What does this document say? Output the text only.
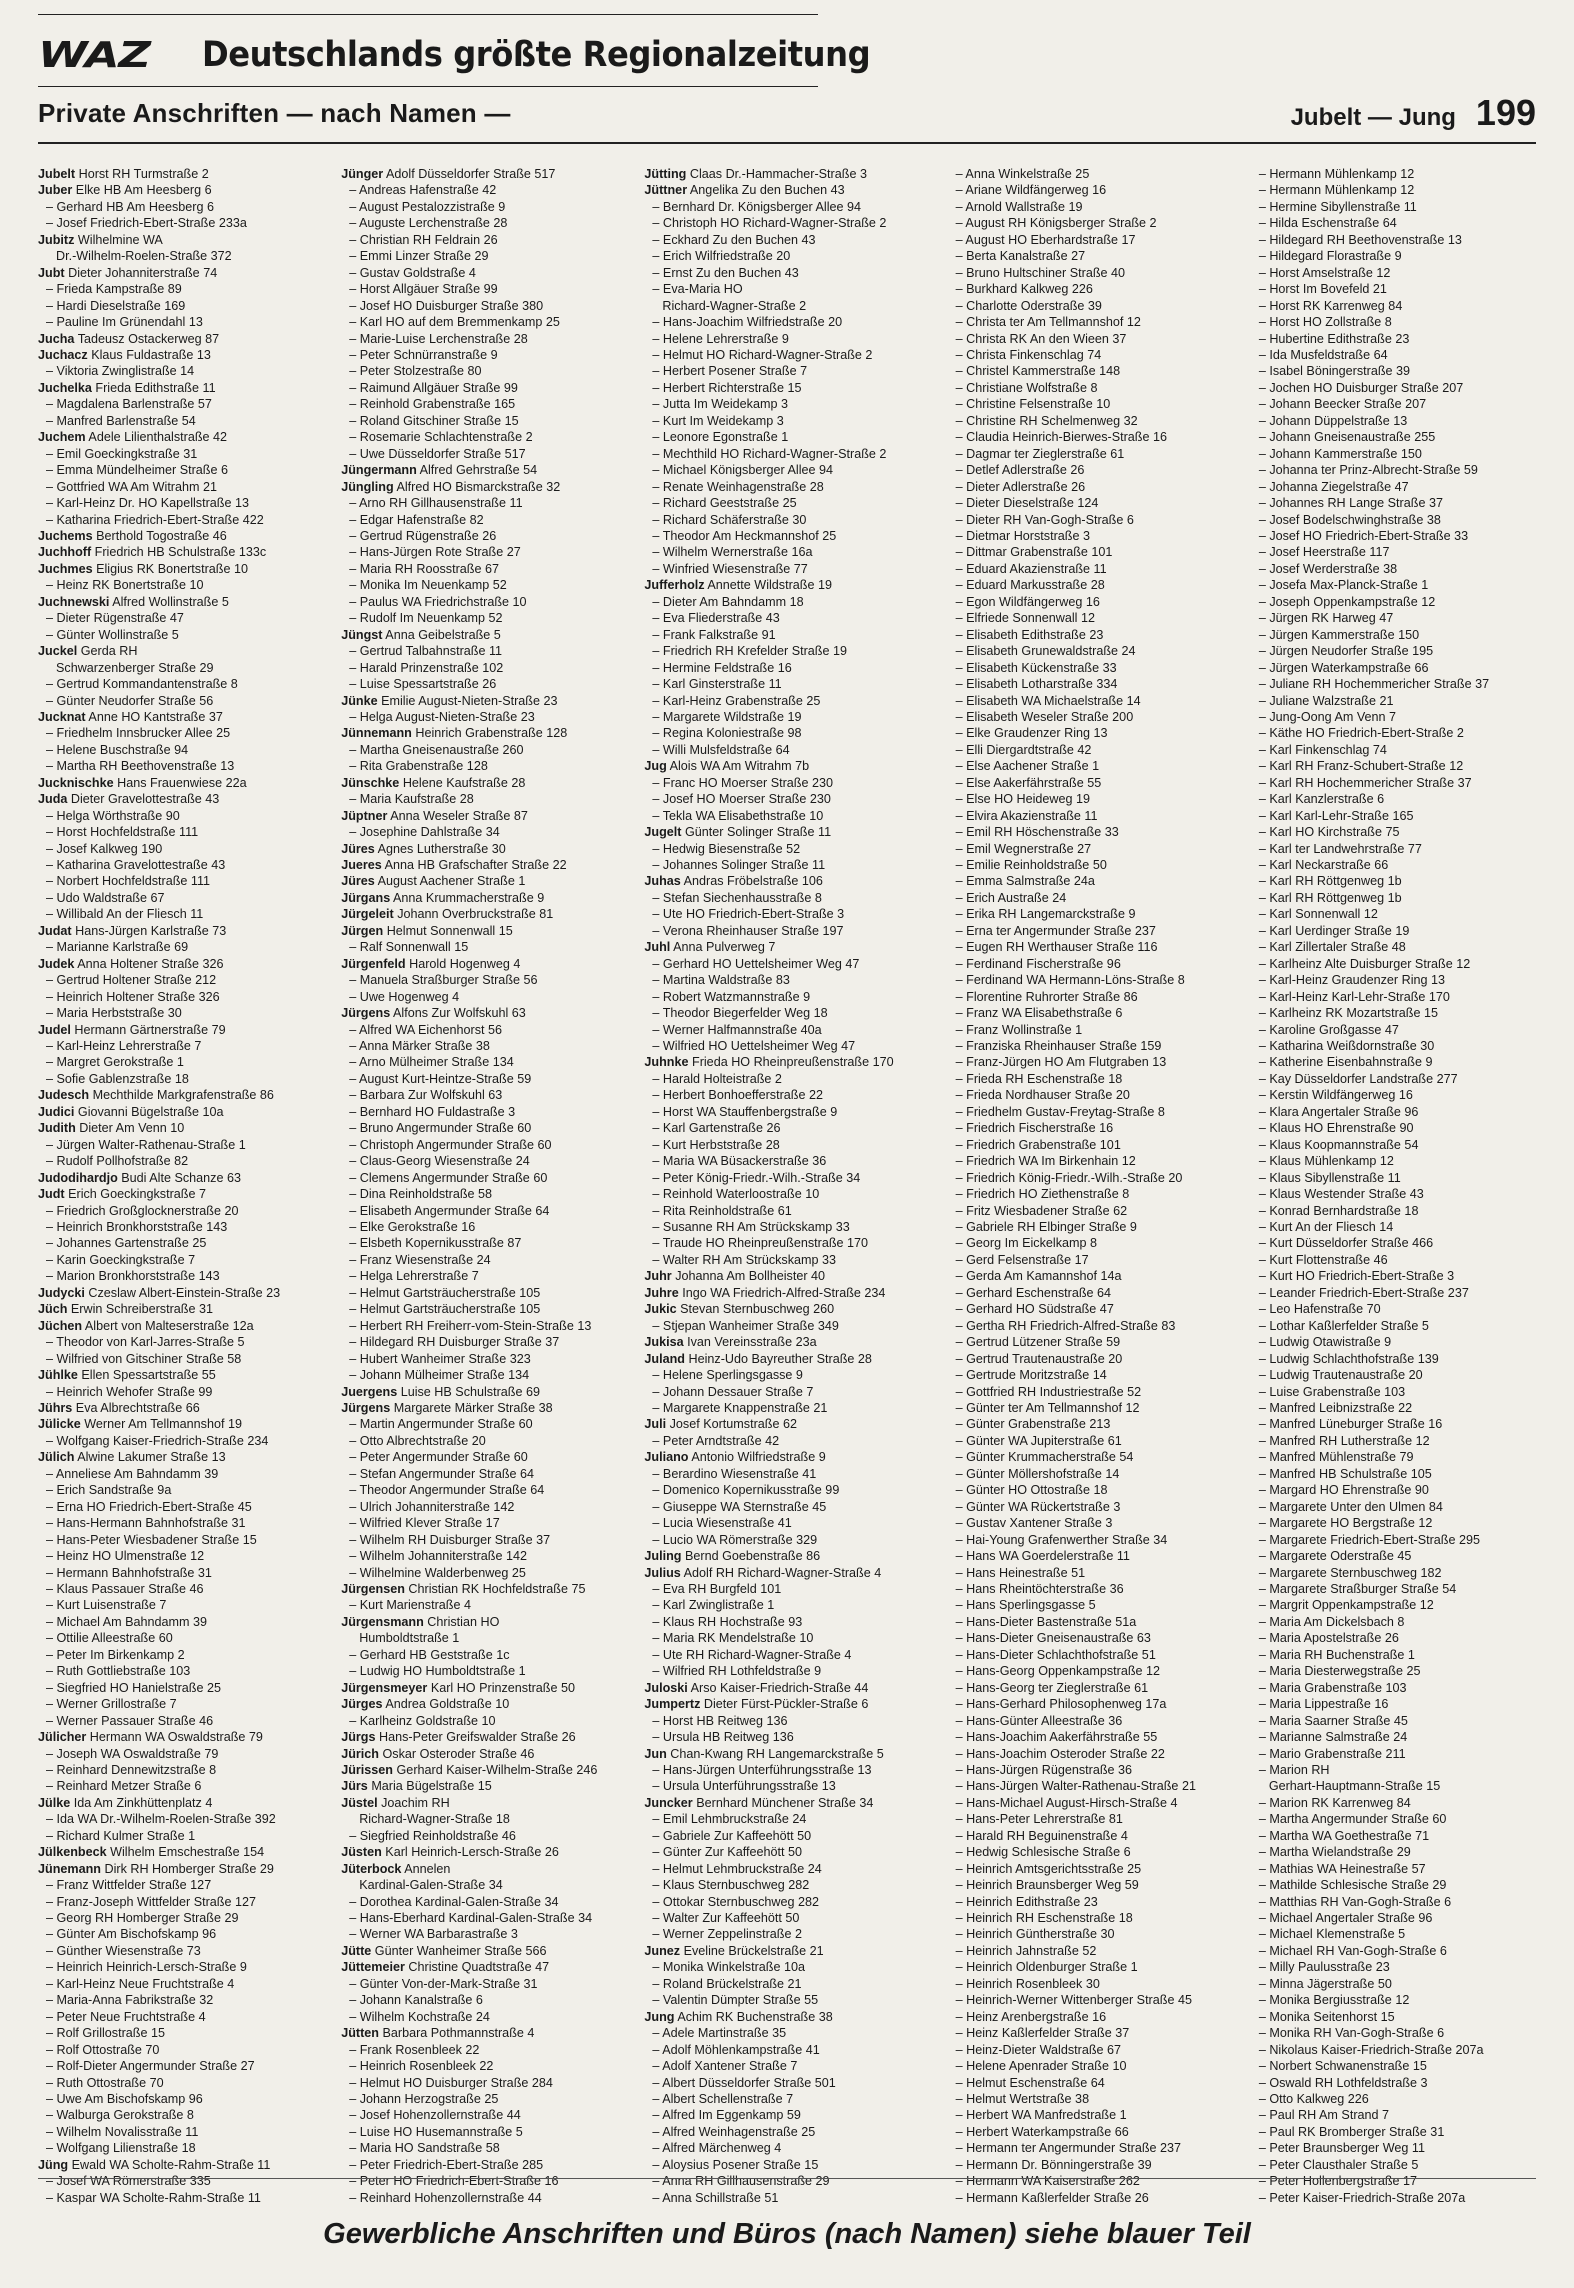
WAZ	Deutschlands größte Regionalzeitung
Private Anschriften — nach Namen —	Jubelt — Jung 199
Jubelt Horst RH Turmstraße 2
Juber Elke HB Am Heesberg 6
– Gerhard HB Am Heesberg 6
– Josef Friedrich-Ebert-Straße 233a
Jubitz Wilhelmine WA
Dr.-Wilhelm-Roelen-Straße 372
Jubt Dieter Johanniterstraße 74
– Frieda Kampstraße 89
– Hardi Dieselstraße 169
– Pauline Im Grünendahl 13
Jucha Tadeusz Ostackerweg 87
Juchacz Klaus Fuldastraße 13
– Viktoria Zwinglistraße 14
Juchelka Frieda Edithstraße 11
– Magdalena Barlenstraße 57
– Manfred Barlenstraße 54
Juchem Adele Lilienthalstraße 42
– Emil Goeckingkstraße 31
– Emma Mündelheimer Straße 6
– Gottfried WA Am Witrahm 21
– Karl-Heinz Dr. HO Kapellstraße 13
– Katharina Friedrich-Ebert-Straße 422
Juchems Berthold Togostraße 46
Juchhoff Friedrich HB Schulstraße 133c
Juchmes Eligius RK Bonertstraße 10
– Heinz RK Bonertstraße 10
Juchnewski Alfred Wollinstraße 5
– Dieter Rügenstraße 47
– Günter Wollinstraße 5
Juckel Gerda RH
Schwarzenberger Straße 29
– Gertrud Kommandantenstraße 8
– Günter Neudorfer Straße 56
Jucknat Anne HO Kantstraße 37
– Friedhelm Innsbrucker Allee 25
– Helene Buschstraße 94
– Martha RH Beethovenstraße 13
Jucknischke Hans Frauenwiese 22a
Juda Dieter Gravelottestraße 43
– Helga Wörthstraße 90
– Horst Hochfeldstraße 111
– Josef Kalkweg 190
– Katharina Gravelottestraße 43
– Norbert Hochfeldstraße 111
– Udo Waldstraße 67
– Willibald An der Fliesch 11
Judat Hans-Jürgen Karlstraße 73
– Marianne Karlstraße 69
Judek Anna Holtener Straße 326
– Gertrud Holtener Straße 212
– Heinrich Holtener Straße 326
– Maria Herbststraße 30
Judel Hermann Gärtnerstraße 79
– Karl-Heinz Lehrerstraße 7
– Margret Gerokstraße 1
– Sofie Gablenzstraße 18
Judesch Mechthilde Markgrafenstraße 86
Judici Giovanni Bügelstraße 10a
Judith Dieter Am Venn 10
– Jürgen Walter-Rathenau-Straße 1
– Rudolf Pollhofstraße 82
Judodihardjo Budi Alte Schanze 63
Judt Erich Goeckingkstraße 7
– Friedrich Großglocknerstraße 20
– Heinrich Bronkhorststraße 143
– Johannes Gartenstraße 25
– Karin Goeckingkstraße 7
– Marion Bronkhorststraße 143
Judycki Czeslaw Albert-Einstein-Straße 23
Jüch Erwin Schreiberstraße 31
Jüchen Albert von Malteserstraße 12a
– Theodor von Karl-Jarres-Straße 5
– Wilfried von Gitschiner Straße 58
Jühlke Ellen Spessartstraße 55
– Heinrich Wehofer Straße 99
Jührs Eva Albrechtstraße 66
Jülicke Werner Am Tellmannshof 19
– Wolfgang Kaiser-Friedrich-Straße 234
Jülich Alwine Lakumer Straße 13
– Anneliese Am Bahndamm 39
– Erich Sandstraße 9a
– Erna HO Friedrich-Ebert-Straße 45
– Hans-Hermann Bahnhofstraße 31
– Hans-Peter Wiesbadener Straße 15
– Heinz HO Ulmenstraße 12
– Hermann Bahnhofstraße 31
– Klaus Passauer Straße 46
– Kurt Luisenstraße 7
– Michael Am Bahndamm 39
– Ottilie Alleestraße 60
– Peter Im Birkenkamp 2
– Ruth Gottliebstraße 103
– Siegfried HO Hanielstraße 25
– Werner Grillostraße 7
– Werner Passauer Straße 46
Jülicher Hermann WA Oswaldstraße 79
– Joseph WA Oswaldstraße 79
– Reinhard Dennewitzstraße 8
– Reinhard Metzer Straße 6
Jülke Ida Am Zinkhüttenplatz 4
– Ida WA Dr.-Wilhelm-Roelen-Straße 392
– Richard Kulmer Straße 1
Jülkenbeck Wilhelm Emschestraße 154
Jünemann Dirk RH Homberger Straße 29
– Franz Wittfelder Straße 127
– Franz-Joseph Wittfelder Straße 127
– Georg RH Homberger Straße 29
– Günter Am Bischofskamp 96
– Günther Wiesenstraße 73
– Heinrich Heinrich-Lersch-Straße 9
– Karl-Heinz Neue Fruchtstraße 4
– Maria-Anna Fabrikstraße 32
– Peter Neue Fruchtstraße 4
– Rolf Grillostraße 15
– Rolf Ottostraße 70
– Rolf-Dieter Angermunder Straße 27
– Ruth Ottostraße 70
– Uwe Am Bischofskamp 96
– Walburga Gerokstraße 8
– Wilhelm Novalisstraße 11
– Wolfgang Lilienstraße 18
Jüng Ewald WA Scholte-Rahm-Straße 11
– Josef WA Römerstraße 335
– Kaspar WA Scholte-Rahm-Straße 11
Jünger Adolf Düsseldorfer Straße 517
– Andreas Hafenstraße 42
– August Pestalozzistraße 9
– Auguste Lerchenstraße 28
– Christian RH Feldrain 26
– Emmi Linzer Straße 29
– Gustav Goldstraße 4
– Horst Allgäuer Straße 99
– Josef HO Duisburger Straße 380
– Karl HO auf dem Bremmenkamp 25
– Marie-Luise Lerchenstraße 28
– Peter Schnürranstraße 9
– Peter Stolzestraße 80
– Raimund Allgäuer Straße 99
– Reinhold Grabenstraße 165
– Roland Gitschiner Straße 15
– Rosemarie Schlachtenstraße 2
– Uwe Düsseldorfer Straße 517
Jüngermann Alfred Gehrstraße 54
Jüngling Alfred HO Bismarckstraße 32
– Arno RH Gillhausenstraße 11
– Edgar Hafenstraße 82
– Gertrud Rügenstraße 26
– Hans-Jürgen Rote Straße 27
– Maria RH Roosstraße 67
– Monika Im Neuenkamp 52
– Paulus WA Friedrichstraße 10
– Rudolf Im Neuenkamp 52
Jüngst Anna Geibelstraße 5
– Gertrud Talbahnstraße 11
– Harald Prinzenstraße 102
– Luise Spessartstraße 26
Jünke Emilie August-Nieten-Straße 23
– Helga August-Nieten-Straße 23
Jünnemann Heinrich Grabenstraße 128
– Martha Gneisenaustraße 260
– Rita Grabenstraße 128
Jünschke Helene Kaufstraße 28
– Maria Kaufstraße 28
Jüptner Anna Weseler Straße 87
– Josephine Dahlstraße 34
Jüres Agnes Lutherstraße 30
Jueres Anna HB Grafschafter Straße 22
Jüres August Aachener Straße 1
Jürgans Anna Krummacherstraße 9
Jürgeleit Johann Overbruckstraße 81
Jürgen Helmut Sonnenwall 15
– Ralf Sonnenwall 15
Jürgenfeld Harold Hogenweg 4
– Manuela Straßburger Straße 56
– Uwe Hogenweg 4
Jürgens Alfons Zur Wolfskuhl 63
– Alfred WA Eichenhorst 56
– Anna Märker Straße 38
– Arno Mülheimer Straße 134
– August Kurt-Heintze-Straße 59
– Barbara Zur Wolfskuhl 63
– Bernhard HO Fuldastraße 3
– Bruno Angermunder Straße 60
– Christoph Angermunder Straße 60
– Claus-Georg Wiesenstraße 24
– Clemens Angermunder Straße 60
– Dina Reinholdstraße 58
– Elisabeth Angermunder Straße 64
– Elke Gerokstraße 16
– Elsbeth Kopernikusstraße 87
– Franz Wiesenstraße 24
– Helga Lehrerstraße 7
– Helmut Gartsträucherstraße 105
– Helmut Gartsträucherstraße 105
– Herbert RH Freiherr-vom-Stein-Straße 13
– Hildegard RH Duisburger Straße 37
– Hubert Wanheimer Straße 323
– Johann Mülheimer Straße 134
Juergens Luise HB Schulstraße 69
Jürgens Margarete Märker Straße 38
– Martin Angermunder Straße 60
– Otto Albrechtstraße 20
– Peter Angermunder Straße 60
– Stefan Angermunder Straße 64
– Theodor Angermunder Straße 64
– Ulrich Johanniterstraße 142
– Wilfried Klever Straße 17
– Wilhelm RH Duisburger Straße 37
– Wilhelm Johanniterstraße 142
– Wilhelmine Walderbenweg 25
Jürgensen Christian RK Hochfeldstraße 75
– Kurt Marienstraße 4
Jürgensmann Christian HO
Humboldtstraße 1
– Gerhard HB Geststraße 1c
– Ludwig HO Humboldtstraße 1
Jürgensmeyer Karl HO Prinzenstraße 50
Jürges Andrea Goldstraße 10
– Karlheinz Goldstraße 10
Jürgs Hans-Peter Greifswalder Straße 26
Jürich Oskar Osteroder Straße 46
Jürissen Gerhard Kaiser-Wilhelm-Straße 246
Jürs Maria Bügelstraße 15
Jüstel Joachim RH
Richard-Wagner-Straße 18
– Siegfried Reinholdstraße 46
Jüsten Karl Heinrich-Lersch-Straße 26
Jüterbock Annelen
Kardinal-Galen-Straße 34
– Dorothea Kardinal-Galen-Straße 34
– Hans-Eberhard Kardinal-Galen-Straße 34
– Werner WA Barbarastraße 3
Jütte Günter Wanheimer Straße 566
Jüttemeier Christine Quadtstraße 47
– Günter Von-der-Mark-Straße 31
– Johann Kanalstraße 6
– Wilhelm Kochstraße 24
Jütten Barbara Pothmannstraße 4
– Frank Rosenbleek 22
– Heinrich Rosenbleek 22
– Helmut HO Duisburger Straße 284
– Johann Herzogstraße 25
– Josef Hohenzollernstraße 44
– Luise HO Husemannstraße 5
– Maria HO Sandstraße 58
– Peter Friedrich-Ebert-Straße 285
– Peter HO Friedrich-Ebert-Straße 16
– Reinhard Hohenzollernstraße 44
Jütting Claas Dr.-Hammacher-Straße 3
Jüttner Angelika Zu den Buchen 43
– Bernhard Dr. Königsberger Allee 94
– Christoph HO Richard-Wagner-Straße 2
– Eckhard Zu den Buchen 43
– Erich Wilfriedstraße 20
– Ernst Zu den Buchen 43
– Eva-Maria HO
Richard-Wagner-Straße 2
– Hans-Joachim Wilfriedstraße 20
– Helene Lehrerstraße 9
– Helmut HO Richard-Wagner-Straße 2
– Herbert Posener Straße 7
– Herbert Richterstraße 15
– Jutta Im Weidekamp 3
– Kurt Im Weidekamp 3
– Leonore Egonstraße 1
– Mechthild HO Richard-Wagner-Straße 2
– Michael Königsberger Allee 94
– Renate Weinhagenstraße 28
– Richard Geeststraße 25
– Richard Schäferstraße 30
– Theodor Am Heckmannshof 25
– Wilhelm Wernerstraße 16a
– Winfried Wiesenstraße 77
Jufferholz Annette Wildstraße 19
– Dieter Am Bahndamm 18
– Eva Fliederstraße 43
– Frank Falkstraße 91
– Friedrich RH Krefelder Straße 19
– Hermine Feldstraße 16
– Karl Ginsterstraße 11
– Karl-Heinz Grabenstraße 25
– Margarete Wildstraße 19
– Regina Koloniestraße 98
– Willi Mulsfeldstraße 64
Jug Alois WA Am Witrahm 7b
– Franc HO Moerser Straße 230
– Josef HO Moerser Straße 230
– Tekla WA Elisabethstraße 10
Jugelt Günter Solinger Straße 11
– Hedwig Biesenstraße 52
– Johannes Solinger Straße 11
Juhas Andras Fröbelstraße 106
– Stefan Siechenhausstraße 8
– Ute HO Friedrich-Ebert-Straße 3
– Verona Rheinhauser Straße 197
Juhl Anna Pulverweg 7
– Gerhard HO Uettelsheimer Weg 47
– Martina Waldstraße 83
– Robert Watzmannstraße 9
– Theodor Biegerfelder Weg 18
– Werner Halfmannstraße 40a
– Wilfried HO Uettelsheimer Weg 47
Juhnke Frieda HO Rheinpreußenstraße 170
– Harald Holteistraße 2
– Herbert Bonhoefferstraße 22
– Horst WA Stauffenbergstraße 9
– Karl Gartenstraße 26
– Kurt Herbststraße 28
– Maria WA Büsackerstraße 36
– Peter König-Friedr.-Wilh.-Straße 34
– Reinhold Waterloostraße 10
– Rita Reinholdstraße 61
– Susanne RH Am Strückskamp 33
– Traude HO Rheinpreußenstraße 170
– Walter RH Am Strückskamp 33
Juhr Johanna Am Bollheister 40
Juhre Ingo WA Friedrich-Alfred-Straße 234
Jukic Stevan Sternbuschweg 260
– Stjepan Wanheimer Straße 349
Jukisa Ivan Vereinsstraße 23a
Juland Heinz-Udo Bayreuther Straße 28
– Helene Sperlingsgasse 9
– Johann Dessauer Straße 7
– Margarete Knappenstraße 21
Juli Josef Kortumstraße 62
– Peter Arndtstraße 42
Juliano Antonio Wilfriedstraße 9
– Berardino Wiesenstraße 41
– Domenico Kopernikusstraße 99
– Giuseppe WA Sternstraße 45
– Lucia Wiesenstraße 41
– Lucio WA Römerstraße 329
Juling Bernd Goebenstraße 86
Julius Adolf RH Richard-Wagner-Straße 4
– Eva RH Burgfeld 101
– Karl Zwinglistraße 1
– Klaus RH Hochstraße 93
– Maria RK Mendelstraße 10
– Ute RH Richard-Wagner-Straße 4
– Wilfried RH Lothfeldstraße 9
Juloski Arso Kaiser-Friedrich-Straße 44
Jumpertz Dieter Fürst-Pückler-Straße 6
– Horst HB Reitweg 136
– Ursula HB Reitweg 136
Jun Chan-Kwang RH Langemarckstraße 5
– Hans-Jürgen Unterführungsstraße 13
– Ursula Unterführungsstraße 13
Juncker Bernhard Münchener Straße 34
– Emil Lehmbruckstraße 24
– Gabriele Zur Kaffeehött 50
– Günter Zur Kaffeehött 50
– Helmut Lehmbruckstraße 24
– Klaus Sternbuschweg 282
– Ottokar Sternbuschweg 282
– Walter Zur Kaffeehött 50
– Werner Zeppelinstraße 2
Junez Eveline Brückelstraße 21
– Monika Winkelstraße 10a
– Roland Brückelstraße 21
– Valentin Dümpter Straße 55
Jung Achim RK Buchenstraße 38
– Adele Martinstraße 35
– Adolf Möhlenkampstraße 41
– Adolf Xantener Straße 7
– Albert Düsseldorfer Straße 501
– Albert Schellenstraße 7
– Alfred Im Eggenkamp 59
– Alfred Weinhagenstraße 25
– Alfred Märchenweg 4
– Aloysius Posener Straße 15
– Anna RH Gillhausenstraße 29
– Anna Schillstraße 51
– Anna Winkelstraße 25
– Ariane Wildfängerweg 16
– Arnold Wallstraße 19
– August RH Königsberger Straße 2
– August HO Eberhardstraße 17
– Berta Kanalstraße 27
– Bruno Hultschiner Straße 40
– Burkhard Kalkweg 226
– Charlotte Oderstraße 39
– Christa ter Am Tellmannshof 12
– Christa RK An den Wieen 37
– Christa Finkenschlag 74
– Christel Kammerstraße 148
– Christiane Wolfstraße 8
– Christine Felsenstraße 10
– Christine RH Schelmenweg 32
– Claudia Heinrich-Bierwes-Straße 16
– Dagmar ter Zieglerstraße 61
– Detlef Adlerstraße 26
– Dieter Adlerstraße 26
– Dieter Dieselstraße 124
– Dieter RH Van-Gogh-Straße 6
– Dietmar Horststraße 3
– Dittmar Grabenstraße 101
– Eduard Akazienstraße 11
– Eduard Markusstraße 28
– Egon Wildfängerweg 16
– Elfriede Sonnenwall 12
– Elisabeth Edithstraße 23
– Elisabeth Grunewaldstraße 24
– Elisabeth Kückenstraße 33
– Elisabeth Lotharstraße 334
– Elisabeth WA Michaelstraße 14
– Elisabeth Weseler Straße 200
– Elke Graudenzer Ring 13
– Elli Diergardtstraße 42
– Else Aachener Straße 1
– Else Aakerfährstraße 55
– Else HO Heideweg 19
– Elvira Akazienstraße 11
– Emil RH Höschenstraße 33
– Emil Wegnerstraße 27
– Emilie Reinholdstraße 50
– Emma Salmstraße 24a
– Erich Austraße 24
– Erika RH Langemarckstraße 9
– Erna ter Angermunder Straße 237
– Eugen RH Werthauser Straße 116
– Ferdinand Fischerstraße 96
– Ferdinand WA Hermann-Löns-Straße 8
– Florentine Ruhrorter Straße 86
– Franz WA Elisabethstraße 6
– Franz Wollinstraße 1
– Franziska Rheinhauser Straße 159
– Franz-Jürgen HO Am Flutgraben 13
– Frieda RH Eschenstraße 18
– Frieda Nordhauser Straße 20
– Friedhelm Gustav-Freytag-Straße 8
– Friedrich Fischerstraße 16
– Friedrich Grabenstraße 101
– Friedrich WA Im Birkenhain 12
– Friedrich König-Friedr.-Wilh.-Straße 20
– Friedrich HO Ziethenstraße 8
– Fritz Wiesbadener Straße 62
– Gabriele RH Elbinger Straße 9
– Georg Im Eickelkamp 8
– Gerd Felsenstraße 17
– Gerda Am Kamannshof 14a
– Gerhard Eschenstraße 64
– Gerhard HO Südstraße 47
– Gertha RH Friedrich-Alfred-Straße 83
– Gertrud Lützener Straße 59
– Gertrud Trautenaustraße 20
– Gertrude Moritzstraße 14
– Gottfried RH Industriestraße 52
– Günter ter Am Tellmannshof 12
– Günter Grabenstraße 213
– Günter WA Jupiterstraße 61
– Günter Krummacherstraße 54
– Günter Möllershofstraße 14
– Günter HO Ottostraße 18
– Günter WA Rückertstraße 3
– Gustav Xantener Straße 3
– Hai-Young Grafenwerther Straße 34
– Hans WA Goerdelerstraße 11
– Hans Heinestraße 51
– Hans Rheintöchterstraße 36
– Hans Sperlingsgasse 5
– Hans-Dieter Bastenstraße 51a
– Hans-Dieter Gneisenaustraße 63
– Hans-Dieter Schlachthofstraße 51
– Hans-Georg Oppenkampstraße 12
– Hans-Georg ter Zieglerstraße 61
– Hans-Gerhard Philosophenweg 17a
– Hans-Günter Alleestraße 36
– Hans-Joachim Aakerfährstraße 55
– Hans-Joachim Osteroder Straße 22
– Hans-Jürgen Rügenstraße 36
– Hans-Jürgen Walter-Rathenau-Straße 21
– Hans-Michael August-Hirsch-Straße 4
– Hans-Peter Lehrerstraße 81
– Harald RH Beguinenstraße 4
– Hedwig Schlesische Straße 6
– Heinrich Amtsgerichtsstraße 25
– Heinrich Braunsberger Weg 59
– Heinrich Edithstraße 23
– Heinrich RH Eschenstraße 18
– Heinrich Güntherstraße 30
– Heinrich Jahnstraße 52
– Heinrich Oldenburger Straße 1
– Heinrich Rosenbleek 30
– Heinrich-Werner Wittenberger Straße 45
– Heinz Arenbergstraße 16
– Heinz Kaßlerfelder Straße 37
– Heinz-Dieter Waldstraße 67
– Helene Apenrader Straße 10
– Helmut Eschenstraße 64
– Helmut Wertstraße 38
– Herbert WA Manfredstraße 1
– Herbert Waterkampstraße 66
– Hermann ter Angermunder Straße 237
– Hermann Dr. Bönningerstraße 39
– Hermann WA Kaiserstraße 262
– Hermann Kaßlerfelder Straße 26
– Hermann Mühlenkamp 12
– Hermann Mühlenkamp 12
– Hermine Sibyllenstraße 11
– Hilda Eschenstraße 64
– Hildegard RH Beethovenstraße 13
– Hildegard Florastraße 9
– Horst Amselstraße 12
– Horst Im Bovefeld 21
– Horst RK Karrenweg 84
– Horst HO Zollstraße 8
– Hubertine Edithstraße 23
– Ida Musfeldstraße 64
– Isabel Böningerstraße 39
– Jochen HO Duisburger Straße 207
– Johann Beecker Straße 207
– Johann Düppelstraße 13
– Johann Gneisenaustraße 255
– Johann Kammerstraße 150
– Johanna ter Prinz-Albrecht-Straße 59
– Johanna Ziegelstraße 47
– Johannes RH Lange Straße 37
– Josef Bodelschwinghstraße 38
– Josef HO Friedrich-Ebert-Straße 33
– Josef Heerstraße 117
– Josef Werderstraße 38
– Josefa Max-Planck-Straße 1
– Joseph Oppenkampstraße 12
– Jürgen RK Harweg 47
– Jürgen Kammerstraße 150
– Jürgen Neudorfer Straße 195
– Jürgen Waterkampstraße 66
– Juliane RH Hochemmericher Straße 37
– Juliane Walzstraße 21
– Jung-Oong Am Venn 7
– Käthe HO Friedrich-Ebert-Straße 2
– Karl Finkenschlag 74
– Karl RH Franz-Schubert-Straße 12
– Karl RH Hochemmericher Straße 37
– Karl Kanzlerstraße 6
– Karl Karl-Lehr-Straße 165
– Karl HO Kirchstraße 75
– Karl ter Landwehrstraße 77
– Karl Neckarstraße 66
– Karl RH Röttgenweg 1b
– Karl RH Röttgenweg 1b
– Karl Sonnenwall 12
– Karl Uerdinger Straße 19
– Karl Zillertaler Straße 48
– Karlheinz Alte Duisburger Straße 12
– Karl-Heinz Graudenzer Ring 13
– Karl-Heinz Karl-Lehr-Straße 170
– Karlheinz RK Mozartstraße 15
– Karoline Großgasse 47
– Katharina Weißdornstraße 30
– Katherine Eisenbahnstraße 9
– Kay Düsseldorfer Landstraße 277
– Kerstin Wildfängerweg 16
– Klara Angertaler Straße 96
– Klaus HO Ehrenstraße 90
– Klaus Koopmannstraße 54
– Klaus Mühlenkamp 12
– Klaus Sibyllenstraße 11
– Klaus Westender Straße 43
– Konrad Bernhardstraße 18
– Kurt An der Fliesch 14
– Kurt Düsseldorfer Straße 466
– Kurt Flottenstraße 46
– Kurt HO Friedrich-Ebert-Straße 3
– Leander Friedrich-Ebert-Straße 237
– Leo Hafenstraße 70
– Lothar Kaßlerfelder Straße 5
– Ludwig Otawistraße 9
– Ludwig Schlachthofstraße 139
– Ludwig Trautenaustraße 20
– Luise Grabenstraße 103
– Manfred Leibnizstraße 22
– Manfred Lüneburger Straße 16
– Manfred RH Lutherstraße 12
– Manfred Mühlenstraße 79
– Manfred HB Schulstraße 105
– Margard HO Ehrenstraße 90
– Margarete Unter den Ulmen 84
– Margarete HO Bergstraße 12
– Margarete Friedrich-Ebert-Straße 295
– Margarete Oderstraße 45
– Margarete Sternbuschweg 182
– Margarete Straßburger Straße 54
– Margrit Oppenkampstraße 12
– Maria Am Dickelsbach 8
– Maria Apostelstraße 26
– Maria RH Buchenstraße 1
– Maria Diesterwegstraße 25
– Maria Grabenstraße 103
– Maria Lippestraße 16
– Maria Saarner Straße 45
– Marianne Salmstraße 24
– Mario Grabenstraße 211
– Marion RH
Gerhart-Hauptmann-Straße 15
– Marion RK Karrenweg 84
– Martha Angermunder Straße 60
– Martha WA Goethestraße 71
– Martha Wielandstraße 29
– Mathias WA Heinestraße 57
– Mathilde Schlesische Straße 29
– Matthias RH Van-Gogh-Straße 6
– Michael Angertaler Straße 96
– Michael Klemenstraße 5
– Michael RH Van-Gogh-Straße 6
– Milly Paulusstraße 23
– Minna Jägerstraße 50
– Monika Bergiusstraße 12
– Monika Seitenhorst 15
– Monika RH Van-Gogh-Straße 6
– Nikolaus Kaiser-Friedrich-Straße 207a
– Norbert Schwanenstraße 15
– Oswald RH Lothfeldstraße 3
– Otto Kalkweg 226
– Paul RH Am Strand 7
– Paul RK Bromberger Straße 31
– Peter Braunsberger Weg 11
– Peter Clausthaler Straße 5
– Peter Hollenbergstraße 17
– Peter Kaiser-Friedrich-Straße 207a
Gewerbliche Anschriften und Büros (nach Namen) siehe blauer Teil
